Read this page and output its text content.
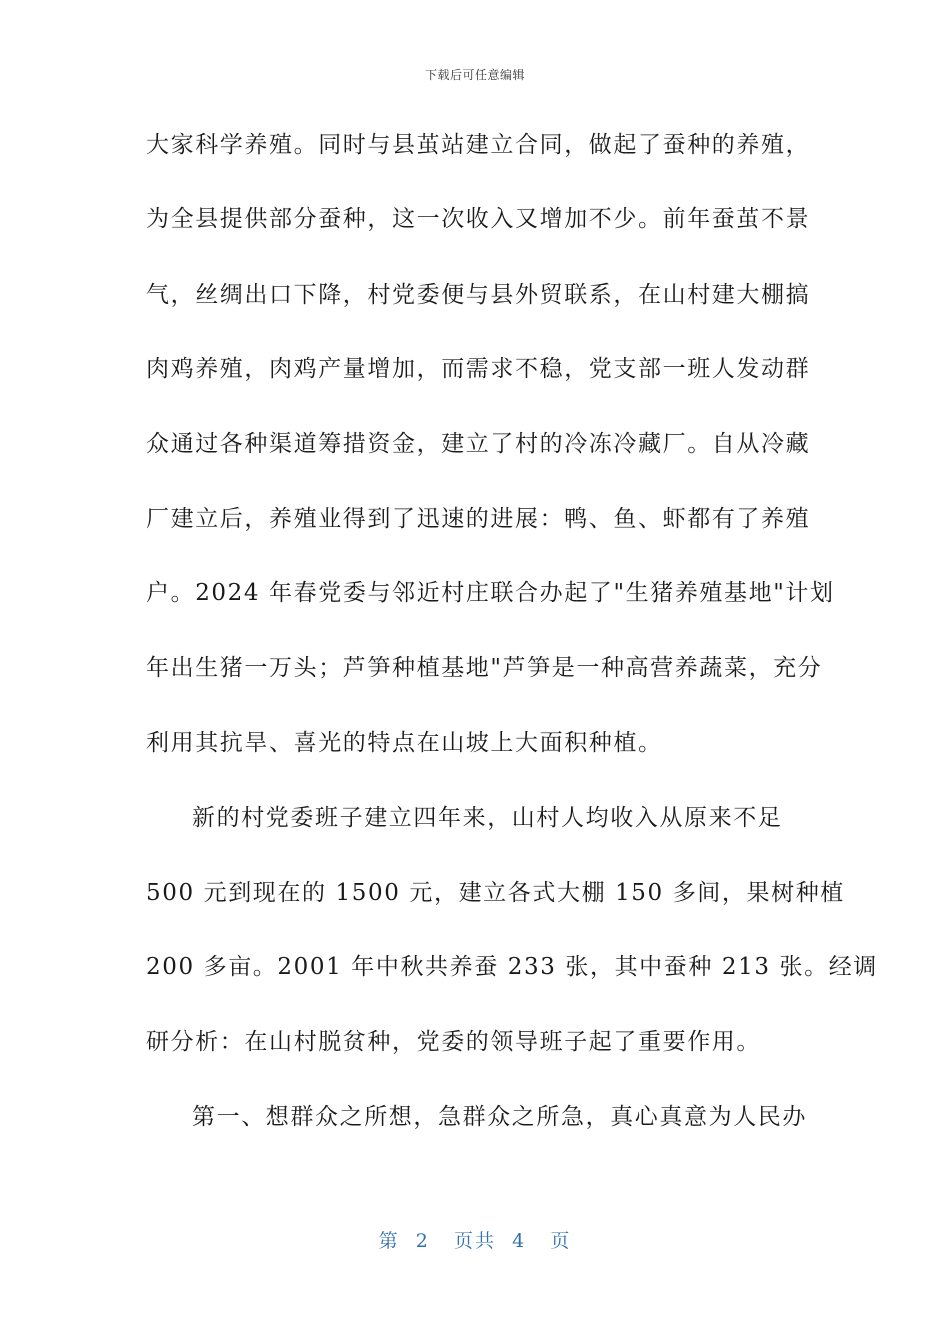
下载后可任意编辑
大家科学养殖。同时与县茧站建立合同，做起了蚕种的养殖，
为全县提供部分蚕种，这一次收入又增加不少。前年蚕茧不景
气，丝绸出口下降，村党委便与县外贸联系，在山村建大棚搞
肉鸡养殖，肉鸡产量增加，而需求不稳，党支部一班人发动群
众通过各种渠道筹措资金，建立了村的冷冻冷藏厂。自从冷藏
厂建立后，养殖业得到了迅速的进展：鸭、鱼、虾都有了养殖
户。2024 年春党委与邻近村庄联合办起了"生猪养殖基地"计划
年出生猪一万头；芦笋种植基地"芦笋是一种高营养蔬菜，充分
利用其抗旱、喜光的特点在山坡上大面积种植。
新的村党委班子建立四年来，山村人均收入从原来不足
500 元到现在的 1500 元，建立各式大棚 150 多间，果树种植
200 多亩。2001 年中秋共养蚕 233 张，其中蚕种 213 张。经调
研分析：在山村脱贫种，党委的领导班子起了重要作用。
第一、想群众之所想，急群众之所急，真心真意为人民办
第 2 页共 4 页
